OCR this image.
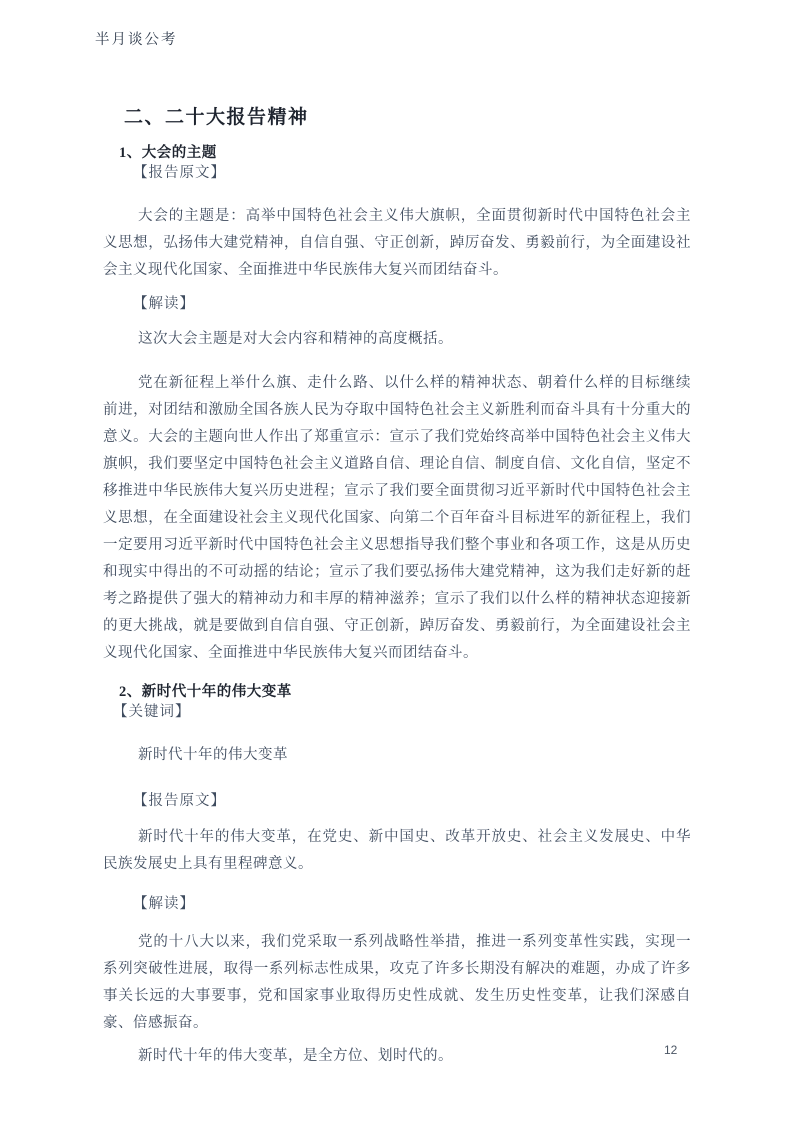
半月谈公考
二、二十大报告精神
1、大会的主题
【报告原文】

大会的主题是：高举中国特色社会主义伟大旗帜，全面贯彻新时代中国特色社会主义思想，弘扬伟大建党精神，自信自强、守正创新，踔厉奋发、勇毅前行，为全面建设社会主义现代化国家、全面推进中华民族伟大复兴而团结奋斗。

【解读】

这次大会主题是对大会内容和精神的高度概括。

党在新征程上举什么旗、走什么路、以什么样的精神状态、朝着什么样的目标继续前进，对团结和激励全国各族人民为夺取中国特色社会主义新胜利而奋斗具有十分重大的意义。大会的主题向世人作出了郑重宣示：宣示了我们党始终高举中国特色社会主义伟大旗帜，我们要坚定中国特色社会主义道路自信、理论自信、制度自信、文化自信，坚定不移推进中华民族伟大复兴历史进程；宣示了我们要全面贯彻习近平新时代中国特色社会主义思想，在全面建设社会主义现代化国家、向第二个百年奋斗目标进军的新征程上，我们一定要用习近平新时代中国特色社会主义思想指导我们整个事业和各项工作，这是从历史和现实中得出的不可动摇的结论；宣示了我们要弘扬伟大建党精神，这为我们走好新的赶考之路提供了强大的精神动力和丰厚的精神滋养；宣示了我们以什么样的精神状态迎接新的更大挑战，就是要做到自信自强、守正创新，踔厉奋发、勇毅前行，为全面建设社会主义现代化国家、全面推进中华民族伟大复兴而团结奋斗。

2、新时代十年的伟大变革
【关键词】

新时代十年的伟大变革

【报告原文】

新时代十年的伟大变革，在党史、新中国史、改革开放史、社会主义发展史、中华民族发展史上具有里程碑意义。

【解读】

党的十八大以来，我们党采取一系列战略性举措，推进一系列变革性实践，实现一系列突破性进展，取得一系列标志性成果，攻克了许多长期没有解决的难题，办成了许多事关长远的大事要事，党和国家事业取得历史性成就、发生历史性变革，让我们深感自豪、倍感振奋。

新时代十年的伟大变革，是全方位、划时代的。	12
